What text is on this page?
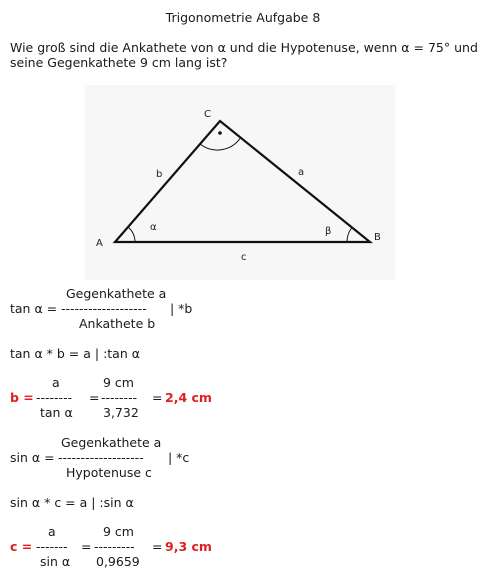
Trigonometrie Aufgabe 8
Wie groß sind die Ankathete von α und die Hypotenuse, wenn α = 75° und
seine Gegenkathete 9 cm lang ist?
A
B
C
b	a
c
α	β
Gegenkathete a
tan α = ------------------- | *b
Ankathete b
tan α * b = a | :tan α
a	9 cm
b = -------- = -------- = 2,4 cm
tan α 3,732
Gegenkathete a
sin α = ------------------- | *c
Hypotenuse c
sin α * c = a | :sin α
a	9 cm
c = ------- = --------- = 9,3 cm
sin α 0,9659
